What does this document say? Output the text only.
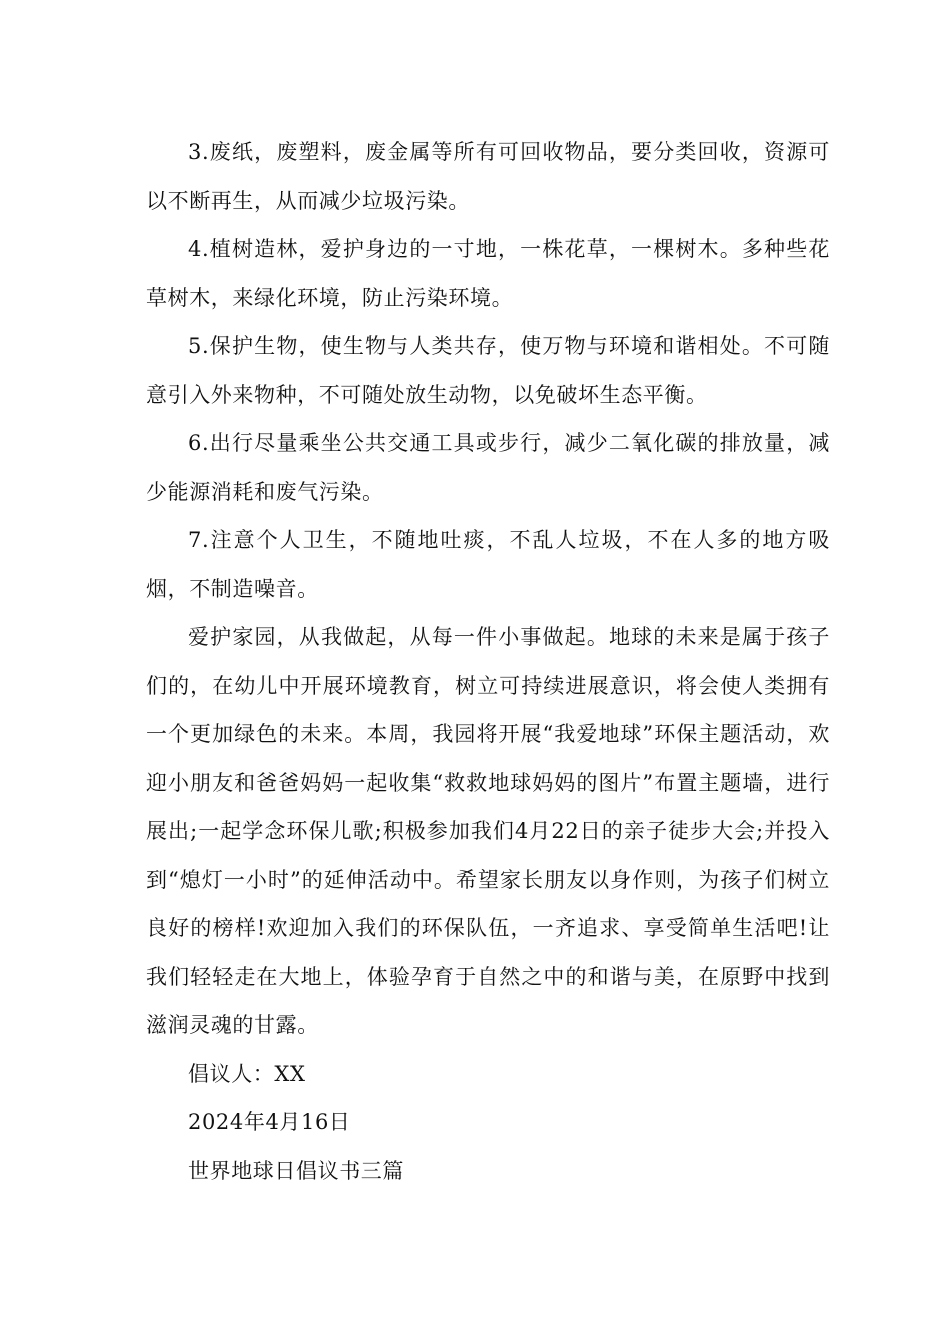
3.废纸，废塑料，废金属等所有可回收物品，要分类回收，资源可以不断再生，从而减少垃圾污染。

4.植树造林，爱护身边的一寸地，一株花草，一棵树木。多种些花草树木，来绿化环境，防止污染环境。

5.保护生物，使生物与人类共存，使万物与环境和谐相处。不可随意引入外来物种，不可随处放生动物，以免破坏生态平衡。

6.出行尽量乘坐公共交通工具或步行，减少二氧化碳的排放量，减少能源消耗和废气污染。

7.注意个人卫生，不随地吐痰，不乱人垃圾，不在人多的地方吸烟，不制造噪音。

爱护家园，从我做起，从每一件小事做起。地球的未来是属于孩子们的，在幼儿中开展环境教育，树立可持续进展意识，将会使人类拥有一个更加绿色的未来。本周，我园将开展“我爱地球”环保主题活动，欢迎小朋友和爸爸妈妈一起收集“救救地球妈妈的图片”布置主题墙，进行展出;一起学念环保儿歌;积极参加我们4月22日的亲子徒步大会;并投入到“熄灯一小时”的延伸活动中。希望家长朋友以身作则，为孩子们树立良好的榜样!欢迎加入我们的环保队伍，一齐追求、享受简单生活吧!让我们轻轻走在大地上，体验孕育于自然之中的和谐与美，在原野中找到滋润灵魂的甘露。

倡议人：XX

2024年4月16日

世界地球日倡议书三篇
